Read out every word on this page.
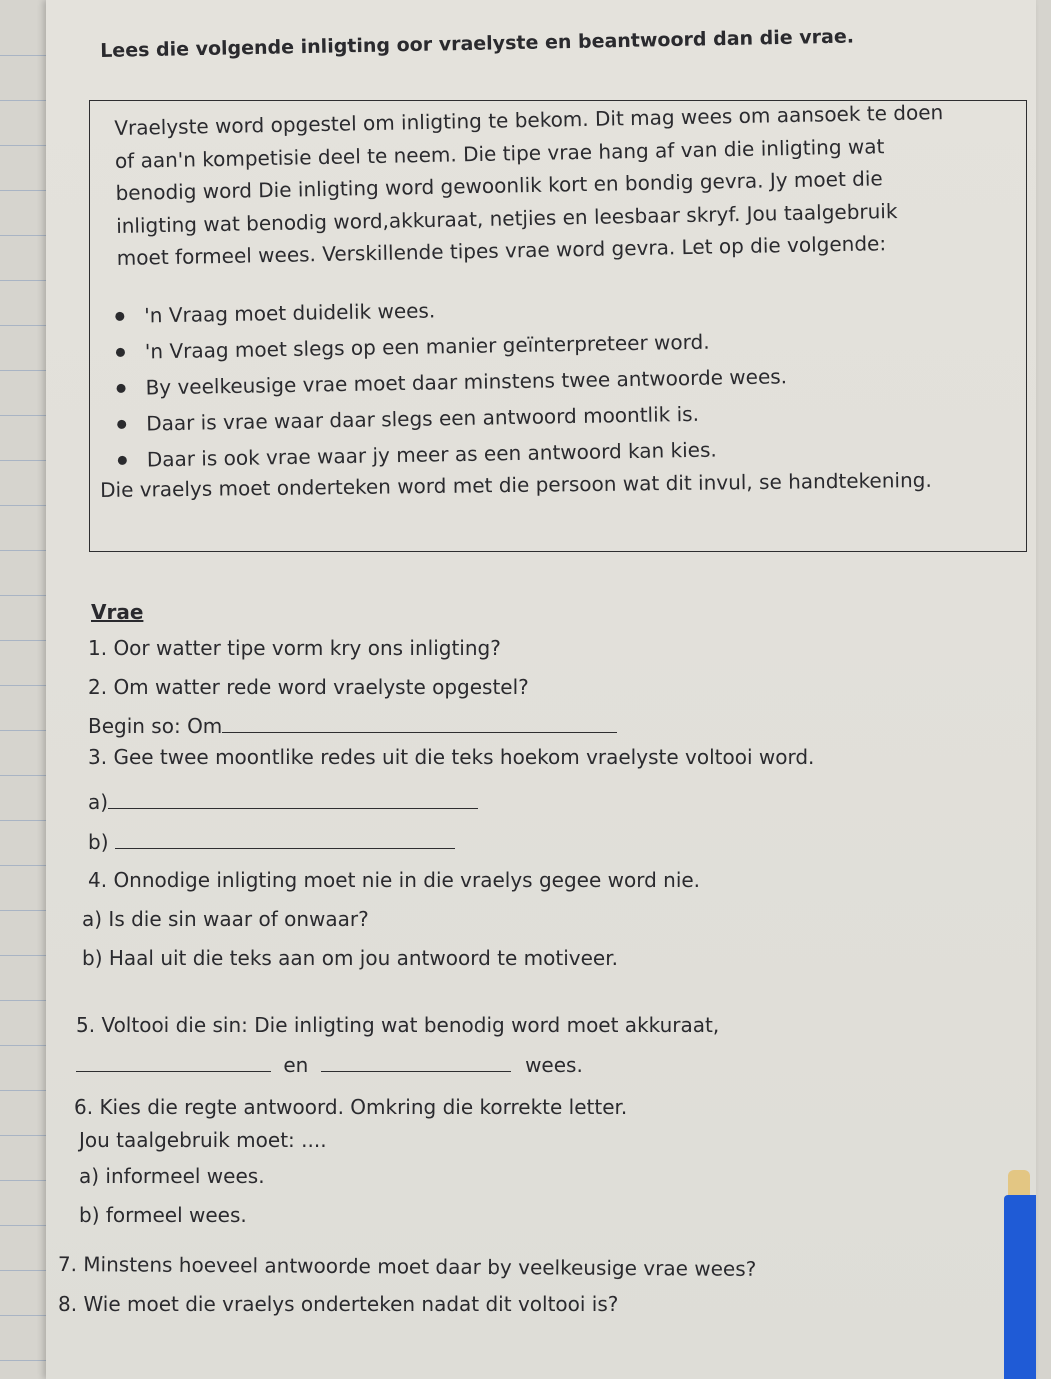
Lees die volgende inligting oor vraelyste en beantwoord dan die vrae.

Vraelyste word opgestel om inligting te bekom. Dit mag wees om aansoek te doen

of aan'n kompetisie deel te neem. Die tipe vrae hang af van die inligting wat

benodig word Die inligting word gewoonlik kort en bondig gevra. Jy moet die

inligting wat benodig word,akkuraat, netjies en leesbaar skryf. Jou taalgebruik

moet formeel wees. Verskillende tipes vrae word gevra. Let op die volgende:

'n Vraag moet duidelik wees.
'n Vraag moet slegs op een manier geïnterpreteer word.
By veelkeusige vrae moet daar minstens twee antwoorde wees.
Daar is vrae waar daar slegs een antwoord moontlik is.
Daar is ook vrae waar jy meer as een antwoord kan kies.
Die vraelys moet onderteken word met die persoon wat dit invul, se handtekening.
Vrae
1. Oor watter tipe vorm kry ons inligting?
2. Om watter rede word vraelyste opgestel?
Begin so: Om
3. Gee twee moontlike redes uit die teks hoekom vraelyste voltooi word.
a)
b)
4. Onnodige inligting moet nie in die vraelys gegee word nie.
a) Is die sin waar of onwaar?
b) Haal uit die teks aan om jou antwoord te motiveer.
5. Voltooi die sin: Die inligting wat benodig word moet akkuraat,
en	wees.
6. Kies die regte antwoord. Omkring die korrekte letter.
Jou taalgebruik moet: ....
a) informeel wees.
b) formeel wees.
7. Minstens hoeveel antwoorde moet daar by veelkeusige vrae wees?
8. Wie moet die vraelys onderteken nadat dit voltooi is?
